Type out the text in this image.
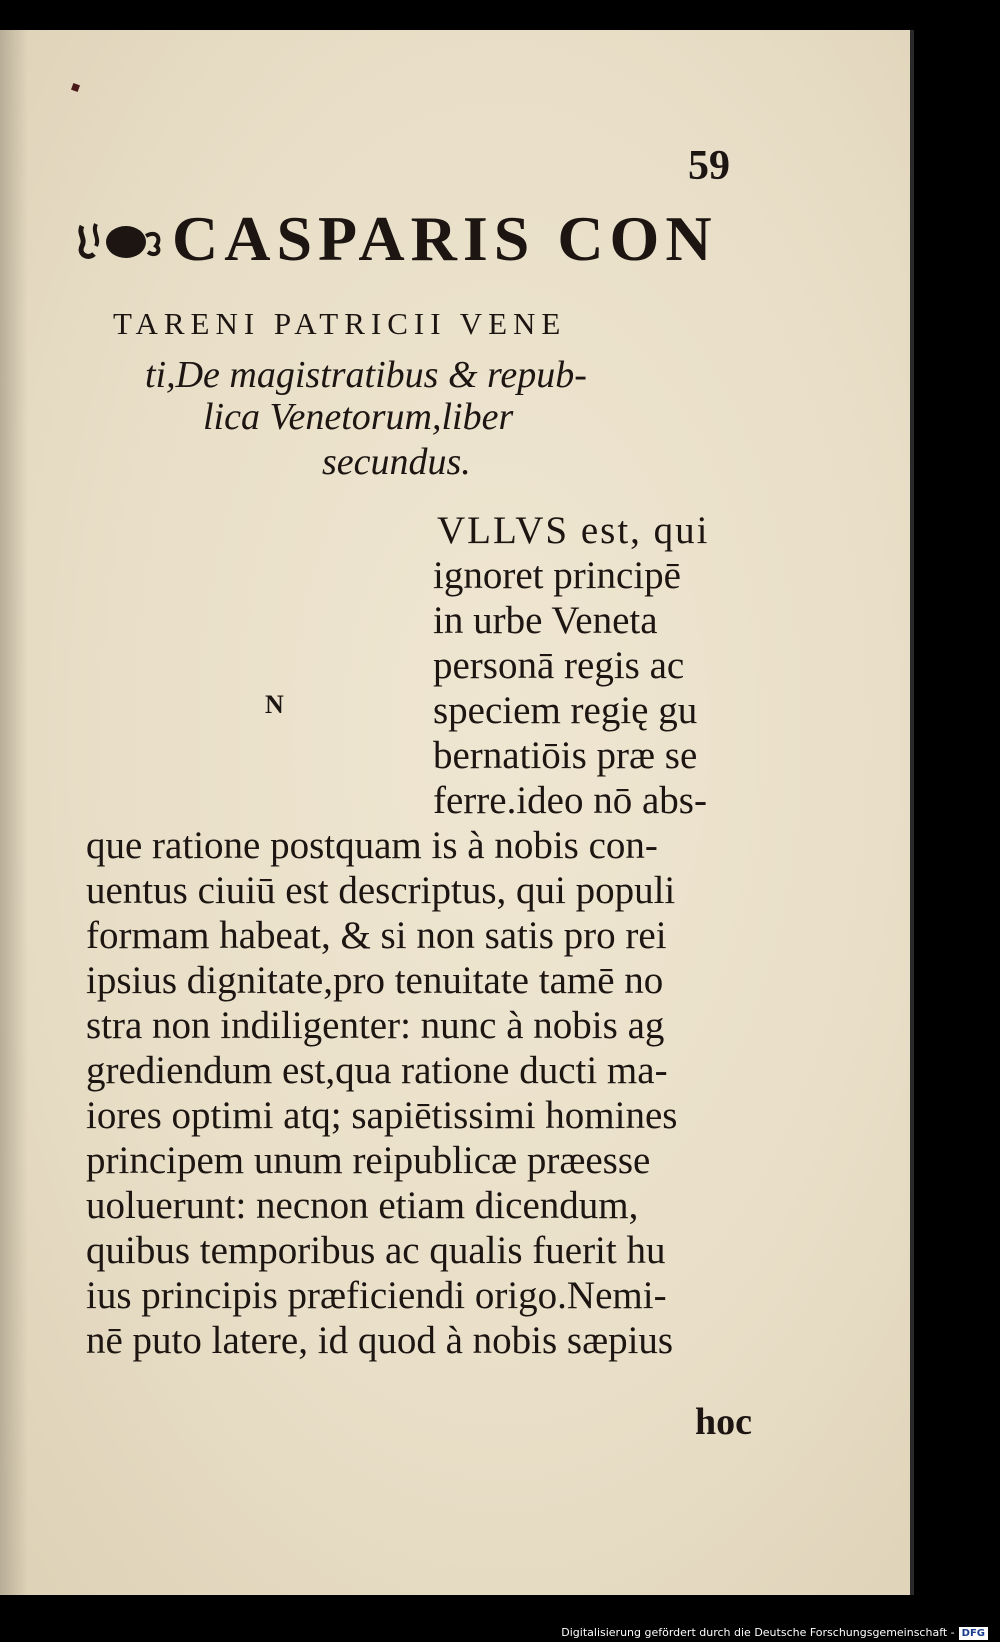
59
CASPARIS CON
TARENI PATRICII VENE
ti,De magistratibus & repub-
lica Venetorum,liber
secundus.
N
VLLVS est, qui
ignoret principē
in urbe Veneta
personā regis ac
speciem regię gu
bernatiōis præ se
ferre.ideo nō abs-
que ratione postquam is à nobis con-
uentus ciuiū est descriptus, qui populi
formam habeat, & si non satis pro rei
ipsius dignitate,pro tenuitate tamē no
stra non indiligenter: nunc à nobis ag
grediendum est,qua ratione ducti ma-
iores optimi atq; sapiētissimi homines
principem unum reipublicæ præesse
uoluerunt: necnon etiam dicendum,
quibus temporibus ac qualis fuerit hu
ius principis præficiendi origo.Nemi-
nē puto latere, id quod à nobis sæpius
hoc
Digitalisierung gefördert durch die Deutsche Forschungsgemeinschaft - DFG
